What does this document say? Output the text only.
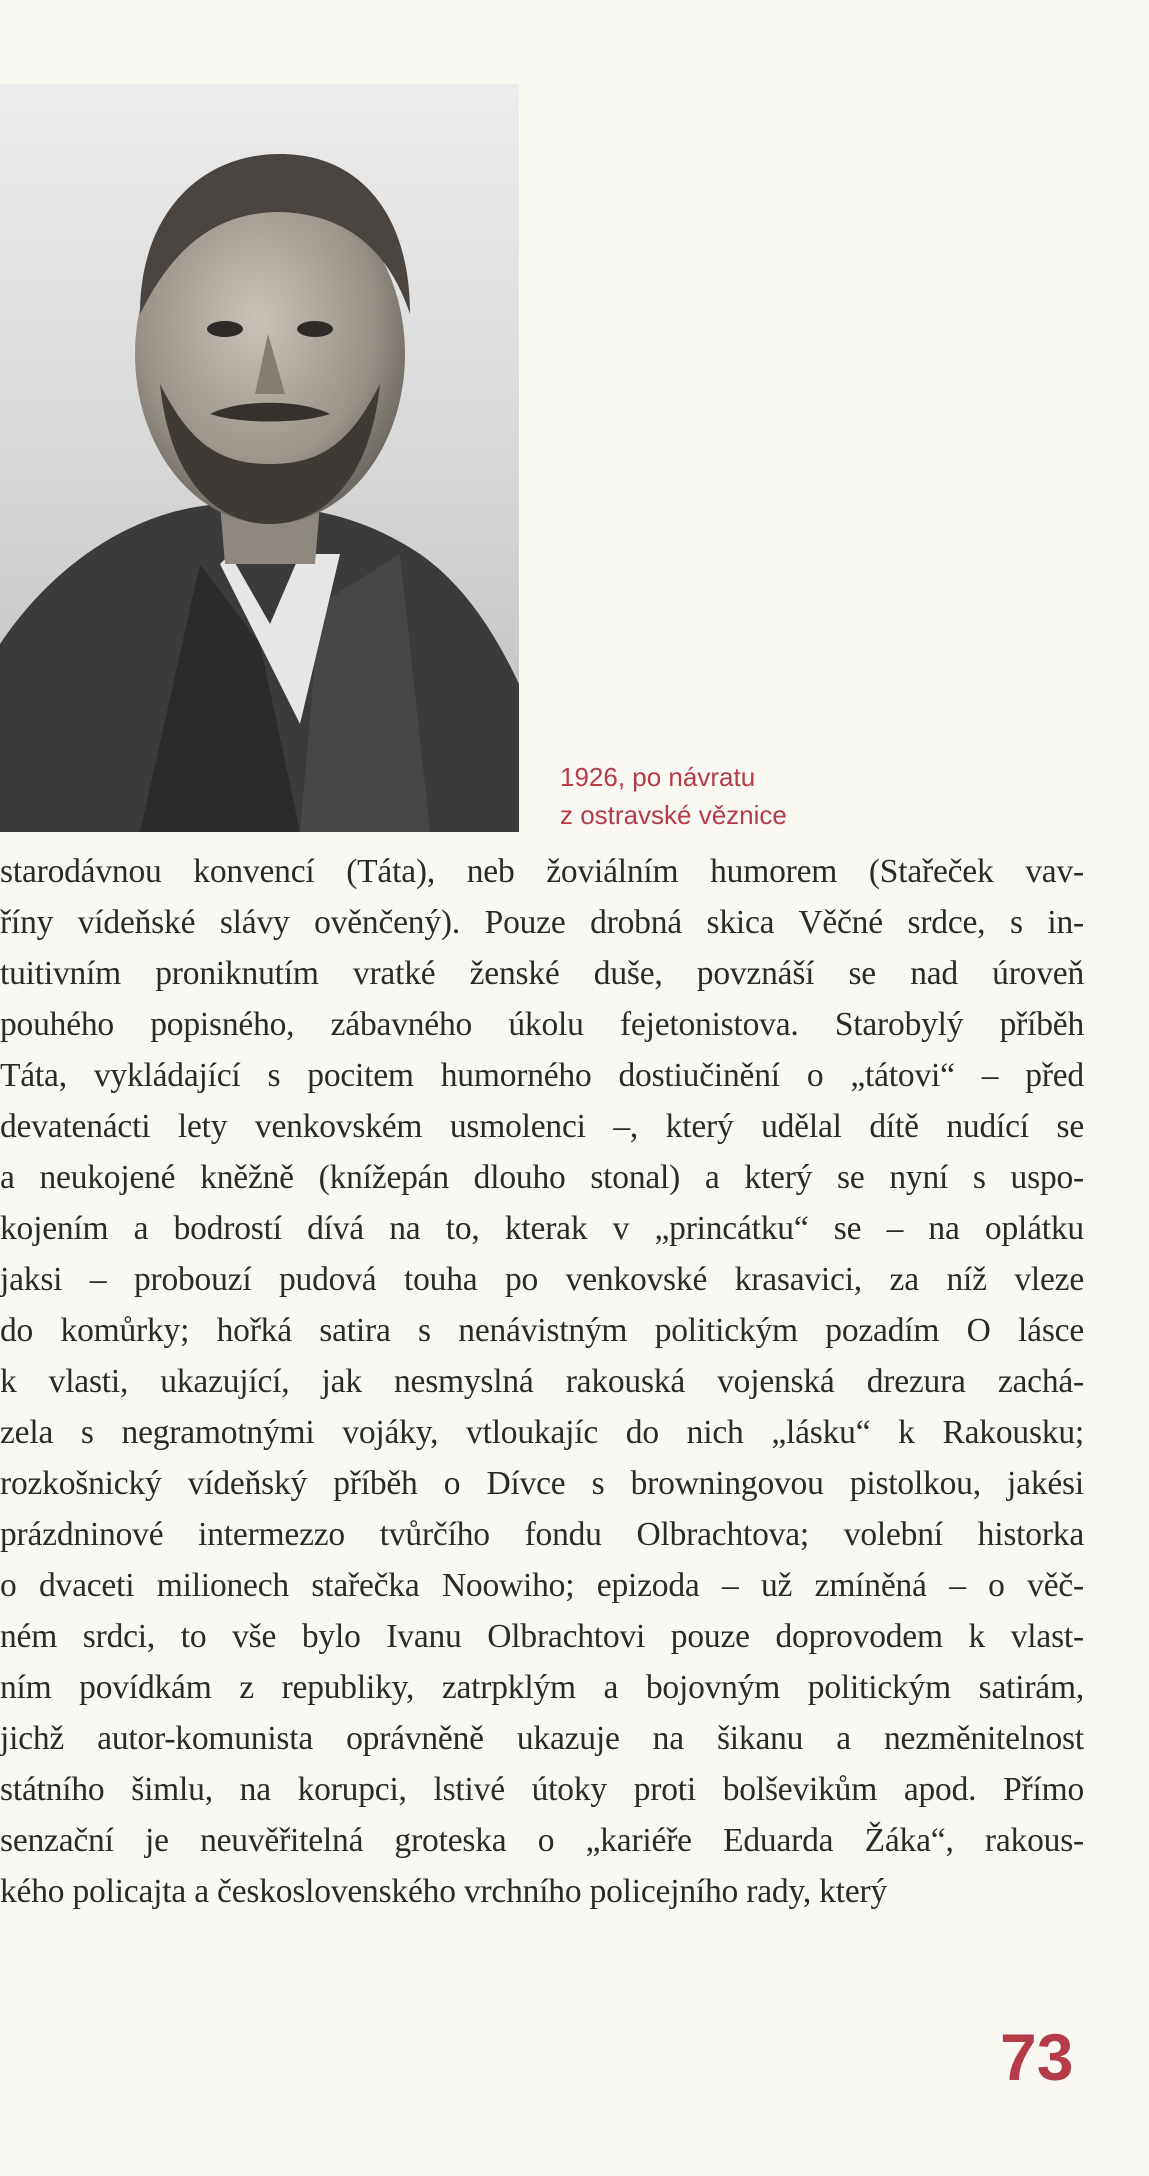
1926, po návratu
z ostravské věznice
starodávnou konvencí (Táta), neb žoviálním humorem (Stařeček vav-
říny vídeňské slávy ověnčený). Pouze drobná skica Věčné srdce, s in-
tuitivním proniknutím vratké ženské duše, povznáší se nad úroveň
pouhého popisného, zábavného úkolu fejetonistova. Starobylý příběh
Táta, vykládající s pocitem humorného dostiučinění o „tátovi“ – před
devatenácti lety venkovském usmolenci –, který udělal dítě nudící se
a neukojené kněžně (knížepán dlouho stonal) a který se nyní s uspo-
kojením a bodrostí dívá na to, kterak v „princátku“ se – na oplátku
jaksi – probouzí pudová touha po venkovské krasavici, za níž vleze
do komůrky; hořká satira s nenávistným politickým pozadím O lásce
k vlasti, ukazující, jak nesmyslná rakouská vojenská drezura zachá-
zela s negramotnými vojáky, vtloukajíc do nich „lásku“ k Rakousku;
rozkošnický vídeňský příběh o Dívce s browningovou pistolkou, jakési
prázdninové intermezzo tvůrčího fondu Olbrachtova; volební historka
o dvaceti milionech stařečka Noowiho; epizoda – už zmíněná – o věč-
ném srdci, to vše bylo Ivanu Olbrachtovi pouze doprovodem k vlast-
ním povídkám z republiky, zatrpklým a bojovným politickým satirám,
jichž autor-komunista oprávněně ukazuje na šikanu a nezměnitelnost
státního šimlu, na korupci, lstivé útoky proti bolševikům apod. Přímo
senzační je neuvěřitelná groteska o „kariéře Eduarda Žáka“, rakous-
kého policajta a československého vrchního policejního rady, který
73
